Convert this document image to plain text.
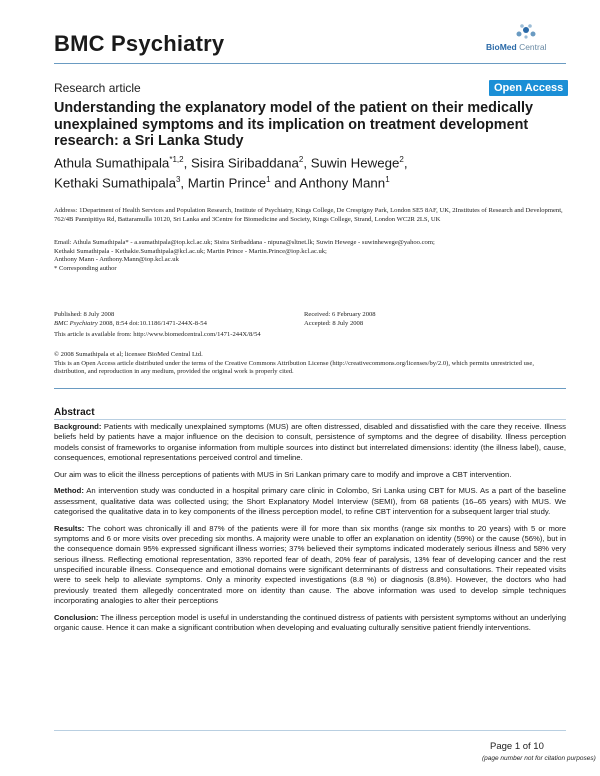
BMC Psychiatry	BioMed Central
Research article	Open Access
Understanding the explanatory model of the patient on their medically unexplained symptoms and its implication on treatment development research: a Sri Lanka Study
Athula Sumathipala$^{*1,2}$, Sisira Siribaddana$^2$, Suwin Hewege$^2$,
Kethaki Sumathipala$^3$, Martin Prince$^1$ and Anthony Mann$^1$
Address: 1Department of Health Services and Population Research, Institute of Psychiatry, Kings College, De Crespigny Park, London SE5 8AF, UK, 2Institutes of Research and Development, 762/4B Pannipitiya Rd, Battaramulla 10120, Sri Lanka and 3Centre for Biomedicine and Society, Kings College, Strand, London WC2R 2LS, UK
Email: Athula Sumathipala* - a.sumathipala@iop.kcl.ac.uk; Sisira Siribaddana - nipuna@sltnet.lk; Suwin Hewege - suwinhewege@yahoo.com;
Kethaki Sumathipala - Kethakie.Sumathipala@kcl.ac.uk; Martin Prince - Martin.Prince@iop.kcl.ac.uk;
Anthony Mann - Anthony.Mann@iop.kcl.ac.uk
* Corresponding author
Published: 8 July 2008
BMC Psychiatry 2008, 8:54 doi:10.1186/1471-244X-8-54
Received: 6 February 2008
Accepted: 8 July 2008
This article is available from: http://www.biomedcentral.com/1471-244X/8/54
© 2008 Sumathipala et al; licensee BioMed Central Ltd.
This is an Open Access article distributed under the terms of the Creative Commons Attribution License (http://creativecommons.org/licenses/by/2.0), which permits unrestricted use, distribution, and reproduction in any medium, provided the original work is properly cited.
Abstract

Background: Patients with medically unexplained symptoms (MUS) are often distressed, disabled and dissatisfied with the care they receive. Illness beliefs held by patients have a major influence on the decision to consult, persistence of symptoms and the degree of disability. Illness perception models consist of frameworks to organise information from multiple sources into distinct but interrelated dimensions: identity (the illness label), cause, consequences, emotional representations perceived control and timeline.

Our aim was to elicit the illness perceptions of patients with MUS in Sri Lankan primary care to modify and improve a CBT intervention.

Method: An intervention study was conducted in a hospital primary care clinic in Colombo, Sri Lanka using CBT for MUS. As a part of the baseline assessment, qualitative data was collected using; the Short Explanatory Model Interview (SEMI), from 68 patients (16–65 years) with MUS. We categorised the qualitative data in to key components of the illness perception model, to refine CBT intervention for a subsequent larger trial study.

Results: The cohort was chronically ill and 87% of the patients were ill for more than six months (range six months to 20 years) with 5 or more symptoms and 6 or more visits over preceding six months. A majority were unable to offer an explanation on identity (59%) or the cause (56%), but in the consequence domain 95% expressed significant illness worries; 37% believed their symptoms indicated moderately serious illness and 58% very serious illness. Reflecting emotional representation, 33% reported fear of death, 20% fear of paralysis, 13% fear of developing cancer and the rest unspecified incurable illness. Consequence and emotional domains were significant determinants of distress and consultations. Their repeated visits were to seek help to alleviate symptoms. Only a minority expected investigations (8.8 %) or diagnosis (8.8%). However, the doctors who had previously treated them allegedly concentrated more on identity than cause. The above information was used to develop simple techniques incorporating analogies to alter their perceptions

Conclusion: The illness perception model is useful in understanding the continued distress of patients with persistent symptoms without an underlying organic cause. Hence it can make a significant contribution when developing and evaluating culturally sensitive patient friendly interventions.

Page 1 of 10
(page number not for citation purposes)
